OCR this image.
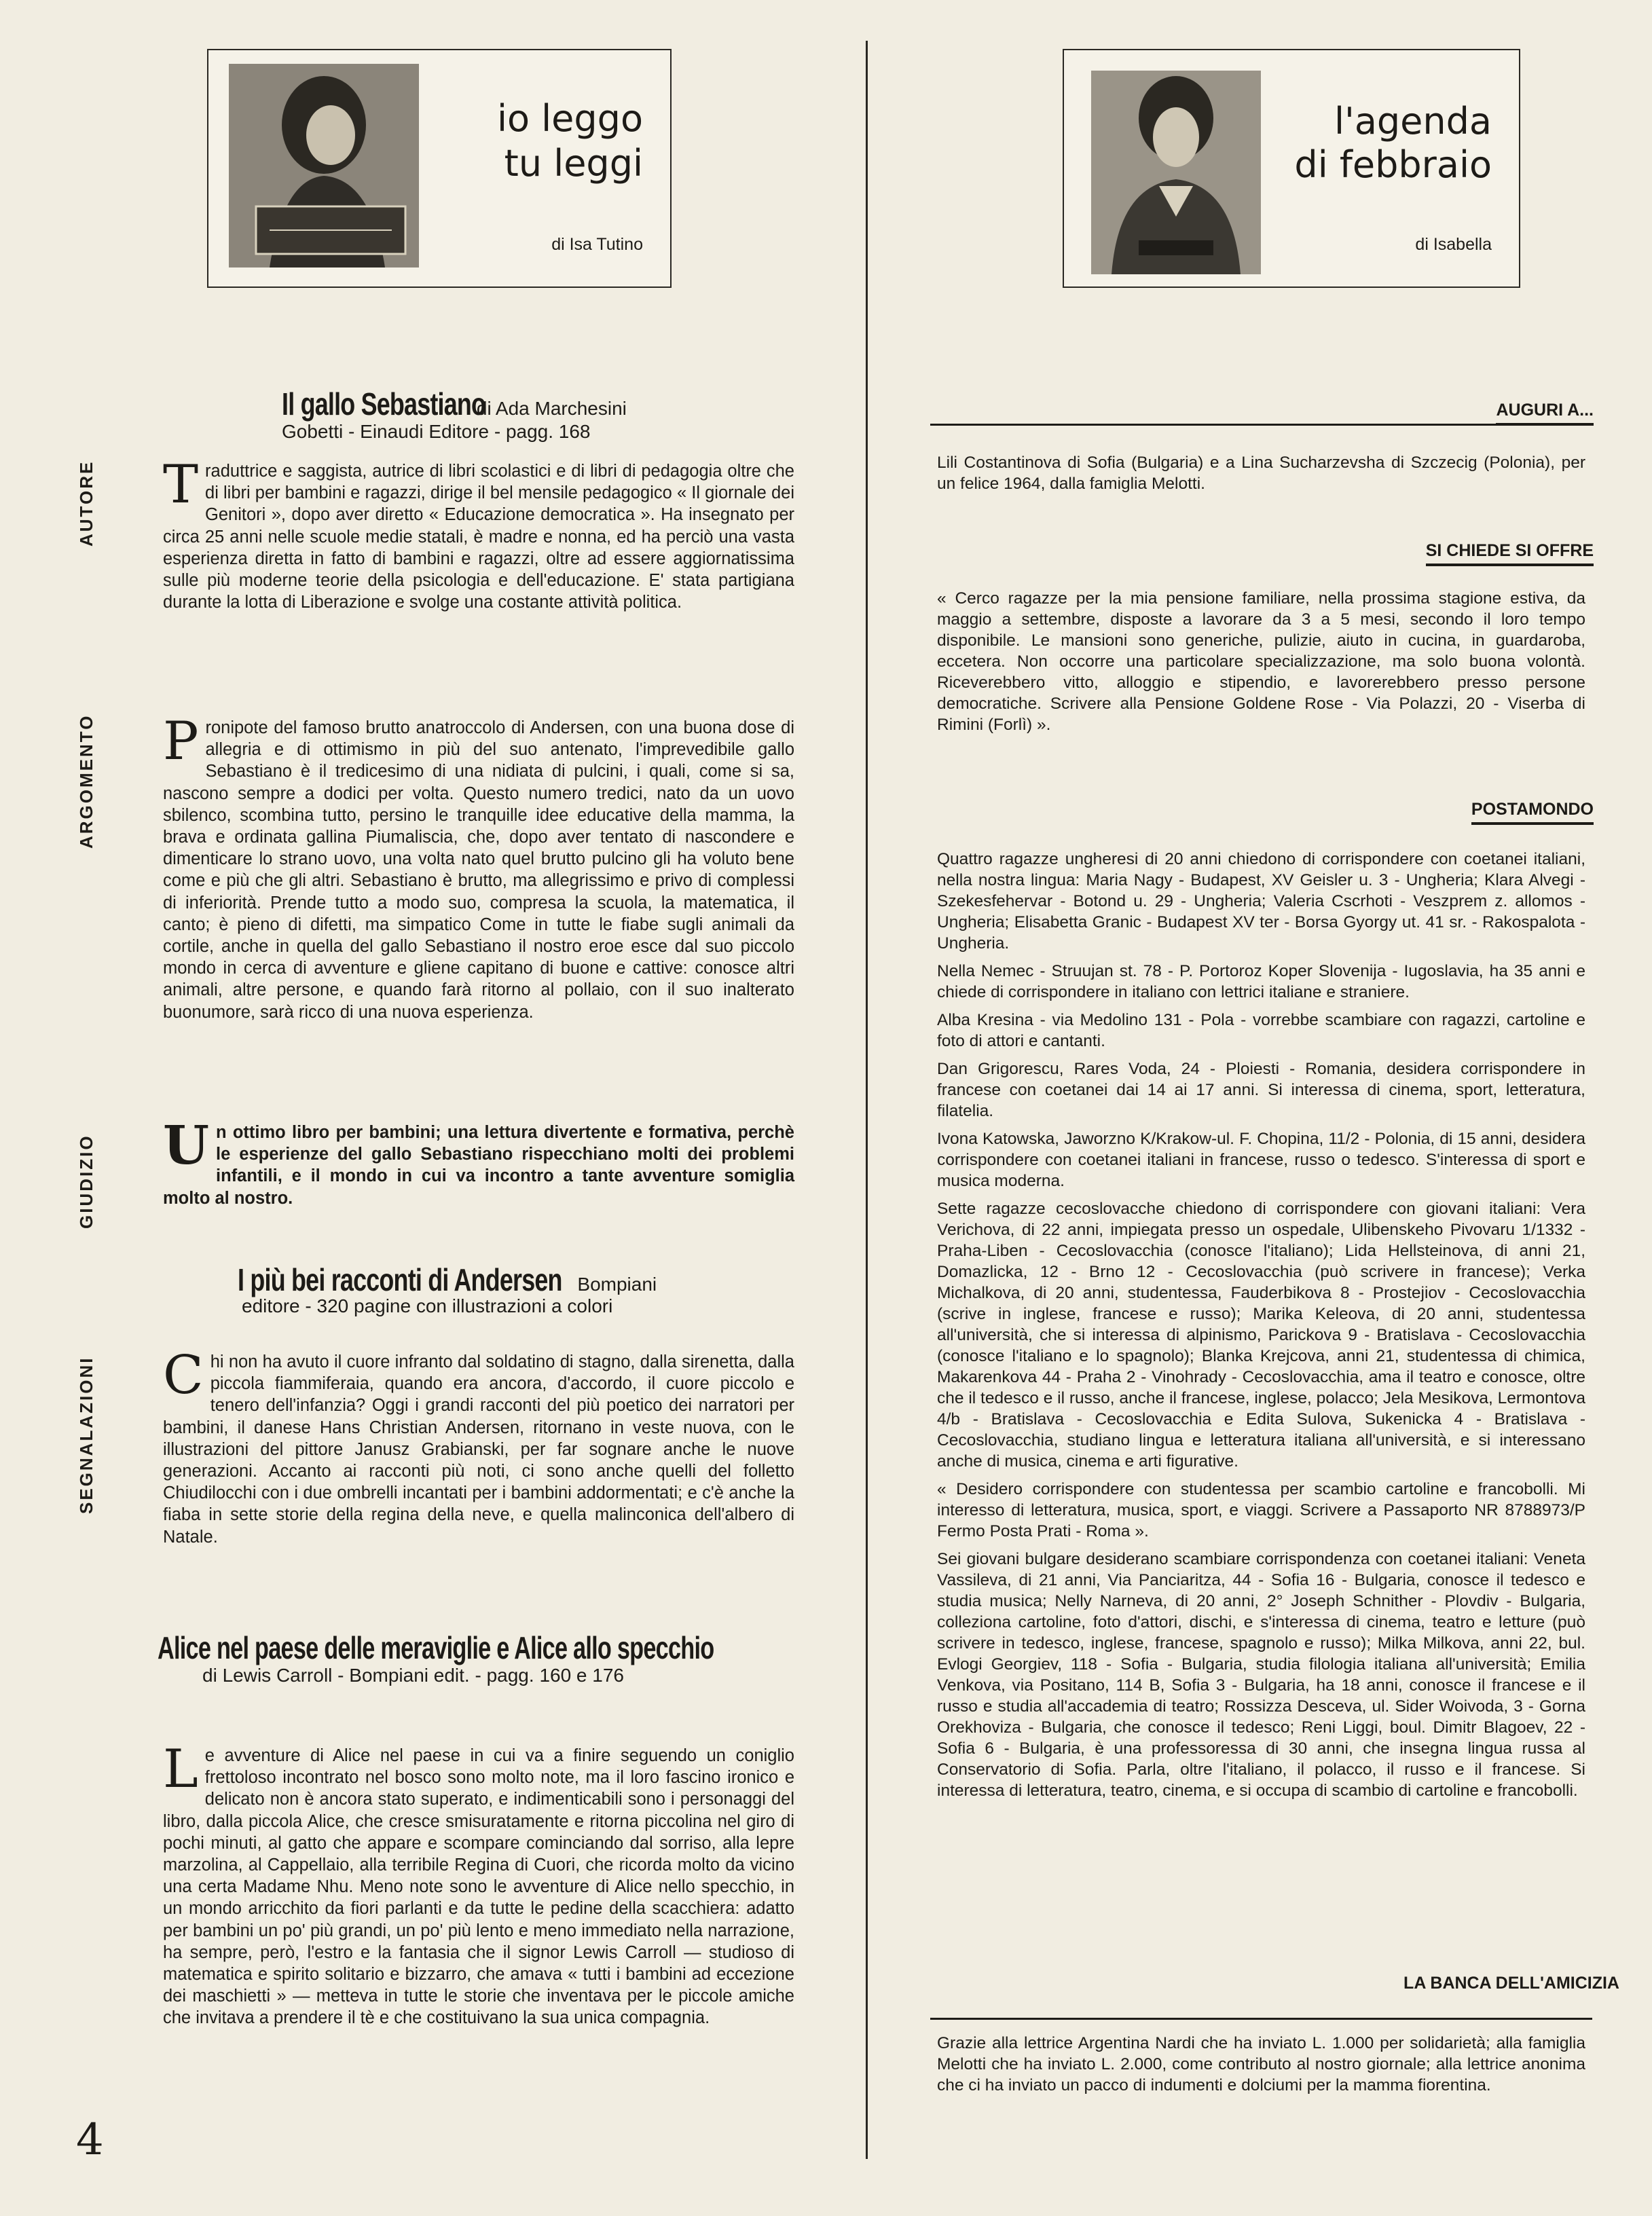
io leggo
tu leggi
di Isa Tutino
AUTORE
ARGOMENTO
GIUDIZIO
SEGNALAZIONI
Il gallo Sebastianodi Ada Marchesini
Gobetti - Einaudi Editore - pagg. 168
Traduttrice e saggista, autrice di libri scolastici e di libri di pedagogia oltre che di libri per bambini e ragazzi, dirige il bel mensile pedagogico « Il giornale dei Genitori », dopo aver diretto « Educazione democratica ». Ha insegnato per circa 25 anni nelle scuole medie statali, è madre e nonna, ed ha perciò una vasta esperienza diretta in fatto di bambini e ragazzi, oltre ad essere aggiornatissima sulle più moderne teorie della psicologia e dell'educazione. E' stata partigiana durante la lotta di Liberazione e svolge una costante attività politica.
Pronipote del famoso brutto anatroccolo di Andersen, con una buona dose di allegria e di ottimismo in più del suo antenato, l'imprevedibile gallo Sebastiano è il tredicesimo di una nidiata di pulcini, i quali, come si sa, nascono sempre a dodici per volta. Questo numero tredici, nato da un uovo sbilenco, scombina tutto, persino le tranquille idee educative della mamma, la brava e ordinata gallina Piumaliscia, che, dopo aver tentato di nascondere e dimenticare lo strano uovo, una volta nato quel brutto pulcino gli ha voluto bene come e più che gli altri. Sebastiano è brutto, ma allegrissimo e privo di complessi di inferiorità. Prende tutto a modo suo, compresa la scuola, la matematica, il canto; è pieno di difetti, ma simpatico Come in tutte le fiabe sugli animali da cortile, anche in quella del gallo Sebastiano il nostro eroe esce dal suo piccolo mondo in cerca di avventure e gliene capitano di buone e cattive: conosce altri animali, altre persone, e quando farà ritorno al pollaio, con il suo inalterato buonumore, sarà ricco di una nuova esperienza.
Un ottimo libro per bambini; una lettura divertente e formativa, perchè le esperienze del gallo Sebastiano rispecchiano molti dei problemi infantili, e il mondo in cui va incontro a tante avventure somiglia molto al nostro.
I più bei racconti di Andersen Bompiani
editore - 320 pagine con illustrazioni a colori
Chi non ha avuto il cuore infranto dal soldatino di stagno, dalla sirenetta, dalla piccola fiammiferaia, quando era ancora, d'accordo, il cuore piccolo e tenero dell'infanzia? Oggi i grandi racconti del più poetico dei narratori per bambini, il danese Hans Christian Andersen, ritornano in veste nuova, con le illustrazioni del pittore Janusz Grabianski, per far sognare anche le nuove generazioni. Accanto ai racconti più noti, ci sono anche quelli del folletto Chiudilocchi con i due ombrelli incantati per i bambini addormentati; e c'è anche la fiaba in sette storie della regina della neve, e quella malinconica dell'albero di Natale.
Alice nel paese delle meraviglie e Alice allo specchio
di Lewis Carroll - Bompiani edit. - pagg. 160 e 176
Le avventure di Alice nel paese in cui va a finire seguendo un coniglio frettoloso incontrato nel bosco sono molto note, ma il loro fascino ironico e delicato non è ancora stato superato, e indimenticabili sono i personaggi del libro, dalla piccola Alice, che cresce smisuratamente e ritorna piccolina nel giro di pochi minuti, al gatto che appare e scompare cominciando dal sorriso, alla lepre marzolina, al Cappellaio, alla terribile Regina di Cuori, che ricorda molto da vicino una certa Madame Nhu. Meno note sono le avventure di Alice nello specchio, in un mondo arricchito da fiori parlanti e da tutte le pedine della scacchiera: adatto per bambini un po' più grandi, un po' più lento e meno immediato nella narrazione, ha sempre, però, l'estro e la fantasia che il signor Lewis Carroll — studioso di matematica e spirito solitario e bizzarro, che amava « tutti i bambini ad eccezione dei maschietti » — metteva in tutte le storie che inventava per le piccole amiche che invitava a prendere il tè e che costituivano la sua unica compagnia.
4
l'agenda
di febbraio
di Isabella
AUGURI A...

Lili Costantinova di Sofia (Bulgaria) e a Lina Sucharzevsha di Szczecig (Polonia), per un felice 1964, dalla famiglia Melotti.

SI CHIEDE SI OFFRE

« Cerco ragazze per la mia pensione familiare, nella prossima stagione estiva, da maggio a settembre, disposte a lavorare da 3 a 5 mesi, secondo il loro tempo disponibile. Le mansioni sono generiche, pulizie, aiuto in cucina, in guardaroba, eccetera. Non occorre una particolare specializzazione, ma solo buona volontà. Riceverebbero vitto, alloggio e stipendio, e lavorerebbero presso persone democratiche. Scrivere alla Pensione Goldene Rose - Via Polazzi, 20 - Viserba di Rimini (Forlì) ».

POSTAMONDO

Quattro ragazze ungheresi di 20 anni chiedono di corrispondere con coetanei italiani, nella nostra lingua: Maria Nagy - Budapest, XV Geisler u. 3 - Ungheria; Klara Alvegi - Szekesfehervar - Botond u. 29 - Ungheria; Valeria Cscrhoti - Veszprem z. allomos - Ungheria; Elisabetta Granic - Budapest XV ter - Borsa Gyorgy ut. 41 sr. - Rakospalota - Ungheria.

Nella Nemec - Struujan st. 78 - P. Portoroz Koper Slovenija - Iugoslavia, ha 35 anni e chiede di corrispondere in italiano con lettrici italiane e straniere.

Alba Kresina - via Medolino 131 - Pola - vorrebbe scambiare con ragazzi, cartoline e foto di attori e cantanti.

Dan Grigorescu, Rares Voda, 24 - Ploiesti - Romania, desidera corrispondere in francese con coetanei dai 14 ai 17 anni. Si interessa di cinema, sport, letteratura, filatelia.

Ivona Katowska, Jaworzno K/Krakow-ul. F. Chopina, 11/2 - Polonia, di 15 anni, desidera corrispondere con coetanei italiani in francese, russo o tedesco. S'interessa di sport e musica moderna.

Sette ragazze cecoslovacche chiedono di corrispondere con giovani italiani: Vera Verichova, di 22 anni, impiegata presso un ospedale, Ulibenskeho Pivovaru 1/1332 - Praha-Liben - Cecoslovacchia (conosce l'italiano); Lida Hellsteinova, di anni 21, Domazlicka, 12 - Brno 12 - Cecoslovacchia (può scrivere in francese); Verka Michalkova, di 20 anni, studentessa, Fauderbikova 8 - Prostejiov - Cecoslovacchia (scrive in inglese, francese e russo); Marika Keleova, di 20 anni, studentessa all'università, che si interessa di alpinismo, Parickova 9 - Bratislava - Cecoslovacchia (conosce l'italiano e lo spagnolo); Blanka Krejcova, anni 21, studentessa di chimica, Makarenkova 44 - Praha 2 - Vinohrady - Cecoslovacchia, ama il teatro e conosce, oltre che il tedesco e il russo, anche il francese, inglese, polacco; Jela Mesikova, Lermontova 4/b - Bratislava - Cecoslovacchia e Edita Sulova, Sukenicka 4 - Bratislava - Cecoslovacchia, studiano lingua e letteratura italiana all'università, e si interessano anche di musica, cinema e arti figurative.

« Desidero corrispondere con studentessa per scambio cartoline e francobolli. Mi interesso di letteratura, musica, sport, e viaggi. Scrivere a Passaporto NR 8788973/P Fermo Posta Prati - Roma ».

Sei giovani bulgare desiderano scambiare corrispondenza con coetanei italiani: Veneta Vassileva, di 21 anni, Via Panciaritza, 44 - Sofia 16 - Bulgaria, conosce il tedesco e studia musica; Nelly Narneva, di 20 anni, 2° Joseph Schnither - Plovdiv - Bulgaria, colleziona cartoline, foto d'attori, dischi, e s'interessa di cinema, teatro e letture (può scrivere in tedesco, inglese, francese, spagnolo e russo); Milka Milkova, anni 22, bul. Evlogi Georgiev, 118 - Sofia - Bulgaria, studia filologia italiana all'università; Emilia Venkova, via Positano, 114 B, Sofia 3 - Bulgaria, ha 18 anni, conosce il francese e il russo e studia all'accademia di teatro; Rossizza Desceva, ul. Sider Woivoda, 3 - Gorna Orekhoviza - Bulgaria, che conosce il tedesco; Reni Liggi, boul. Dimitr Blagoev, 22 - Sofia 6 - Bulgaria, è una professoressa di 30 anni, che insegna lingua russa al Conservatorio di Sofia. Parla, oltre l'italiano, il polacco, il russo e il francese. Si interessa di letteratura, teatro, cinema, e si occupa di scambio di cartoline e francobolli.

LA BANCA DELL'AMICIZIA

Grazie alla lettrice Argentina Nardi che ha inviato L. 1.000 per solidarietà; alla famiglia Melotti che ha inviato L. 2.000, come contributo al nostro giornale; alla lettrice anonima che ci ha inviato un pacco di indumenti e dolciumi per la mamma fiorentina.
